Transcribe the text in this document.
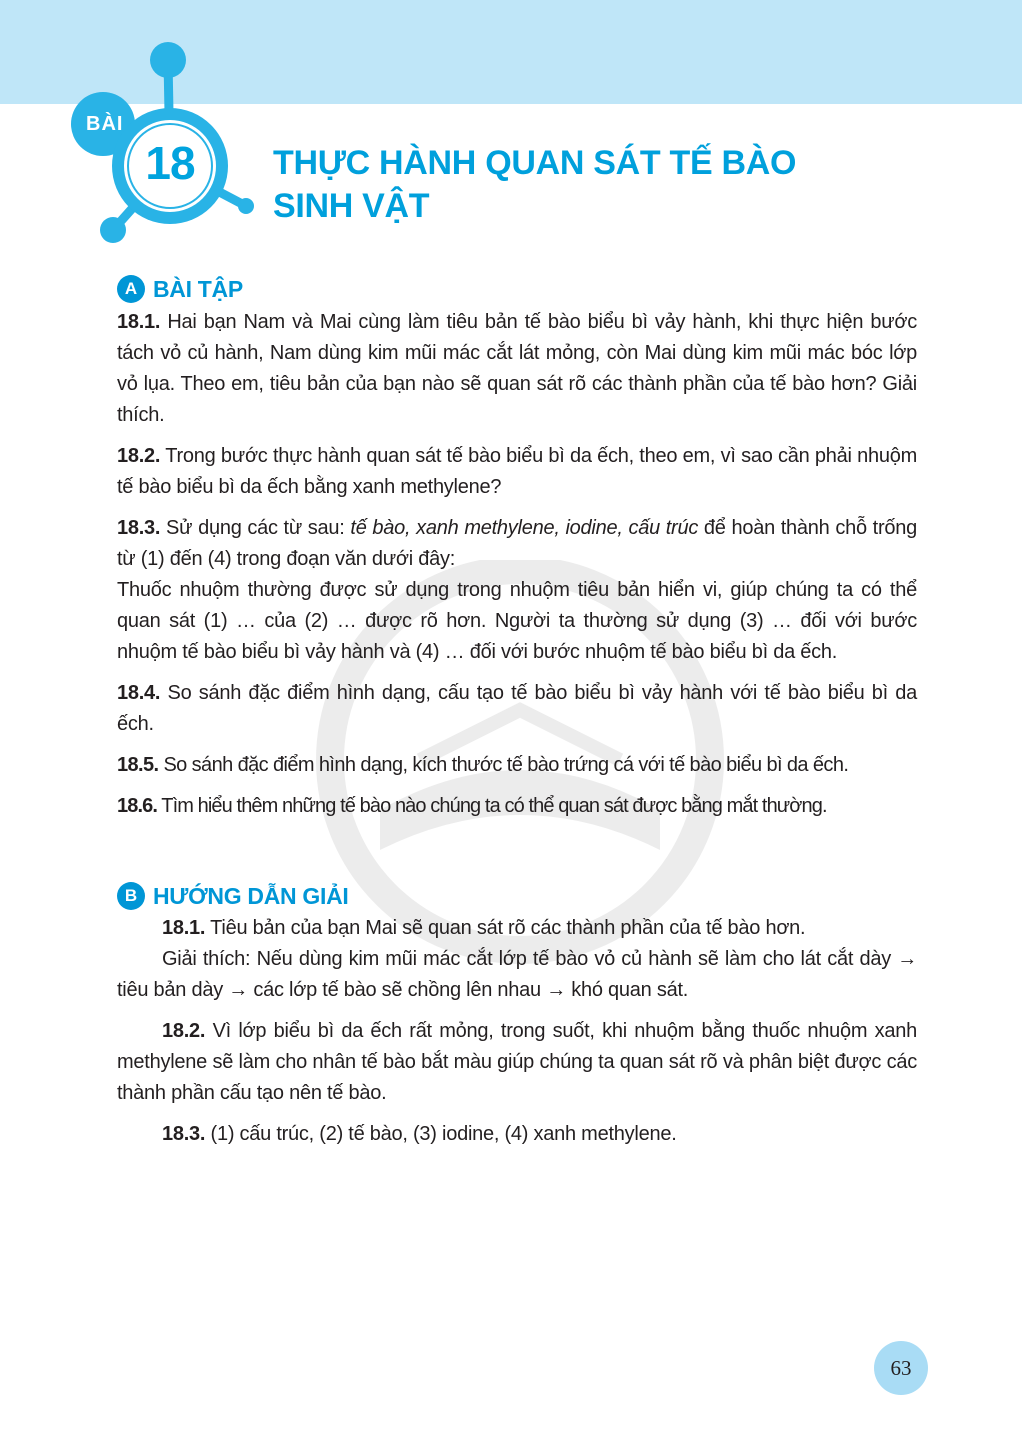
BÀI
18 THỰC HÀNH QUAN SÁT TẾ BÀO
SINH VẬT
A BÀI TẬP

18.1. Hai bạn Nam và Mai cùng làm tiêu bản tế bào biểu bì vảy hành, khi thực hiện bước tách vỏ củ hành, Nam dùng kim mũi mác cắt lát mỏng, còn Mai dùng kim mũi mác bóc lớp vỏ lụa. Theo em, tiêu bản của bạn nào sẽ quan sát rõ các thành phần của tế bào hơn? Giải thích.

18.2. Trong bước thực hành quan sát tế bào biểu bì da ếch, theo em, vì sao cần phải nhuộm tế bào biểu bì da ếch bằng xanh methylene?

18.3. Sử dụng các từ sau: tế bào, xanh methylene, iodine, cấu trúc để hoàn thành chỗ trống từ (1) đến (4) trong đoạn văn dưới đây:

Thuốc nhuộm thường được sử dụng trong nhuộm tiêu bản hiển vi, giúp chúng ta có thể quan sát (1) … của (2) … được rõ hơn. Người ta thường sử dụng (3) … đối với bước nhuộm tế bào biểu bì vảy hành và (4) … đối với bước nhuộm tế bào biểu bì da ếch.

18.4. So sánh đặc điểm hình dạng, cấu tạo tế bào biểu bì vảy hành với tế bào biểu bì da ếch.

18.5. So sánh đặc điểm hình dạng, kích thước tế bào trứng cá với tế bào biểu bì da ếch.

18.6. Tìm hiểu thêm những tế bào nào chúng ta có thể quan sát được bằng mắt thường.

B HƯỚNG DẪN GIẢI

18.1. Tiêu bản của bạn Mai sẽ quan sát rõ các thành phần của tế bào hơn.

Giải thích: Nếu dùng kim mũi mác cắt lớp tế bào vỏ củ hành sẽ làm cho lát cắt dày → tiêu bản dày → các lớp tế bào sẽ chồng lên nhau → khó quan sát.

18.2. Vì lớp biểu bì da ếch rất mỏng, trong suốt, khi nhuộm bằng thuốc nhuộm xanh methylene sẽ làm cho nhân tế bào bắt màu giúp chúng ta quan sát rõ và phân biệt được các thành phần cấu tạo nên tế bào.

18.3. (1) cấu trúc, (2) tế bào, (3) iodine, (4) xanh methylene.

63
